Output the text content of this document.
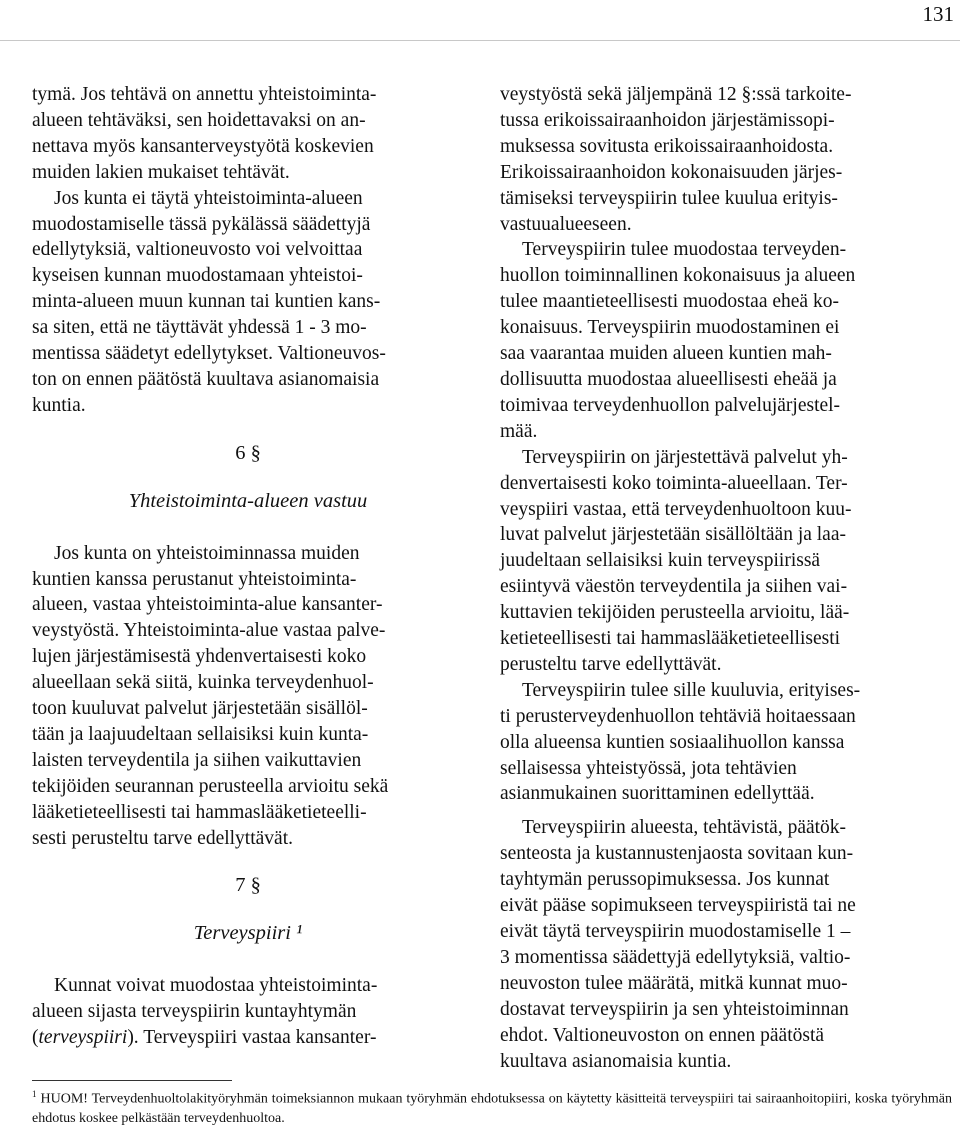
131

tymä. Jos tehtävä on annettu yhteistoiminta-
alueen tehtäväksi, sen hoidettavaksi on an-
nettava myös kansanterveystyötä koskevien
muiden lakien mukaiset tehtävät.

Jos kunta ei täytä yhteistoiminta-alueen
muodostamiselle tässä pykälässä säädettyjä
edellytyksiä, valtioneuvosto voi velvoittaa
kyseisen kunnan muodostamaan yhteistoi-
minta-alueen muun kunnan tai kuntien kans-
sa siten, että ne täyttävät yhdessä 1 - 3 mo-
mentissa säädetyt edellytykset. Valtioneuvos-
ton on ennen päätöstä kuultava asianomaisia
kuntia.

6 §

Yhteistoiminta-alueen vastuu

Jos kunta on yhteistoiminnassa muiden
kuntien kanssa perustanut yhteistoiminta-
alueen, vastaa yhteistoiminta-alue kansanter-
veystyöstä. Yhteistoiminta-alue vastaa palve-
lujen järjestämisestä yhdenvertaisesti koko
alueellaan sekä siitä, kuinka terveydenhuol-
toon kuuluvat palvelut järjestetään sisällöl-
tään ja laajuudeltaan sellaisiksi kuin kunta-
laisten terveydentila ja siihen vaikuttavien
tekijöiden seurannan perusteella arvioitu sekä
lääketieteellisesti tai hammaslääketieteelli-
sesti perusteltu tarve edellyttävät.

7 §

Terveyspiiri ¹

Kunnat voivat muodostaa yhteistoiminta-
alueen sijasta terveyspiirin kuntayhtymän
(terveyspiiri). Terveyspiiri vastaa kansanter-

veystyöstä sekä jäljempänä 12 §:ssä tarkoite-
tussa erikoissairaanhoidon järjestämissopi-
muksessa sovitusta erikoissairaanhoidosta.
Erikoissairaanhoidon kokonaisuuden järjes-
tämiseksi terveyspiirin tulee kuulua erityis-
vastuualueeseen.

Terveyspiirin tulee muodostaa terveyden-
huollon toiminnallinen kokonaisuus ja alueen
tulee maantieteellisesti muodostaa eheä ko-
konaisuus. Terveyspiirin muodostaminen ei
saa vaarantaa muiden alueen kuntien mah-
dollisuutta muodostaa alueellisesti eheää ja
toimivaa terveydenhuollon palvelujärjestel-
mää.

Terveyspiirin on järjestettävä palvelut yh-
denvertaisesti koko toiminta-alueellaan. Ter-
veyspiiri vastaa, että terveydenhuoltoon kuu-
luvat palvelut järjestetään sisällöltään ja laa-
juudeltaan sellaisiksi kuin terveyspiirissä
esiintyvä väestön terveydentila ja siihen vai-
kuttavien tekijöiden perusteella arvioitu, lää-
ketieteellisesti tai hammaslääketieteellisesti
perusteltu tarve edellyttävät.

Terveyspiirin tulee sille kuuluvia, erityises-
ti perusterveydenhuollon tehtäviä hoitaessaan
olla alueensa kuntien sosiaalihuollon kanssa
sellaisessa yhteistyössä, jota tehtävien
asianmukainen suorittaminen edellyttää.

Terveyspiirin alueesta, tehtävistä, päätök-
senteosta ja kustannustenjaosta sovitaan kun-
tayhtymän perussopimuksessa. Jos kunnat
eivät pääse sopimukseen terveyspiiristä tai ne
eivät täytä terveyspiirin muodostamiselle 1 –
3 momentissa säädettyjä edellytyksiä, valtio-
neuvoston tulee määrätä, mitkä kunnat muo-
dostavat terveyspiirin ja sen yhteistoiminnan
ehdot. Valtioneuvoston on ennen päätöstä
kuultava asianomaisia kuntia.

$^1$ HUOM! Terveydenhuoltolakityöryhmän toimeksiannon mukaan työryhmän ehdotuksessa on käytetty käsitteitä terveyspiiri tai sairaanhoitopiiri, koska työryhmän ehdotus koskee pelkästään terveydenhuoltoa.
